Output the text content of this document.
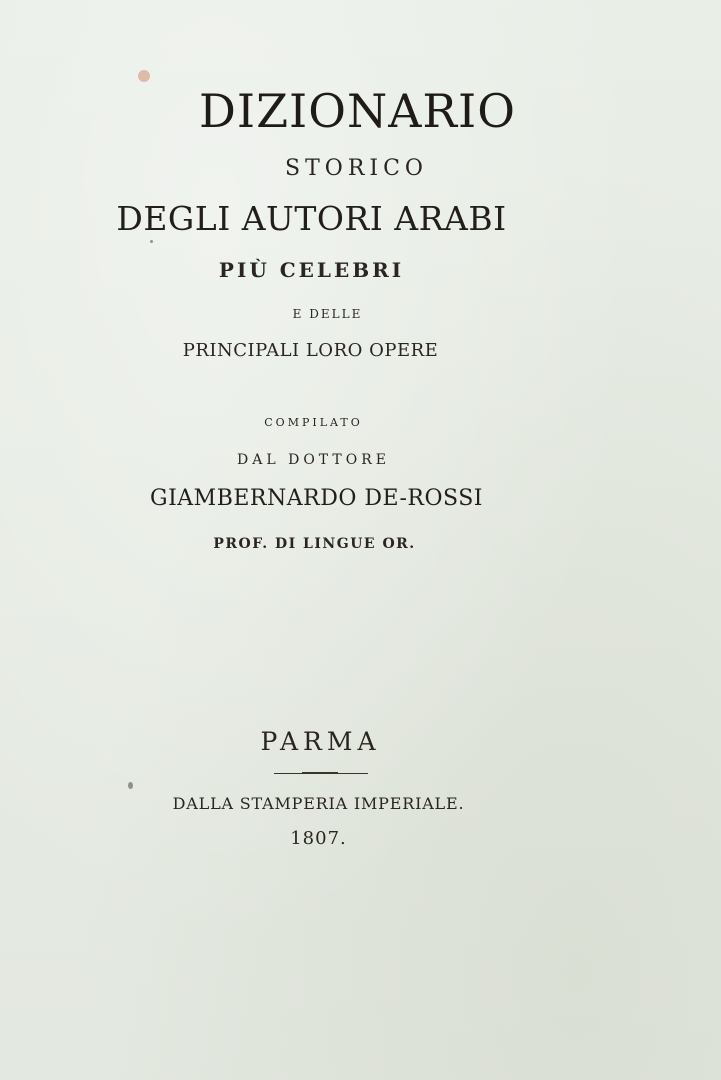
DIZIONARIO
STORICO
DEGLI AUTORI ARABI
PIÙ CELEBRI
E DELLE
PRINCIPALI LORO OPERE
COMPILATO
DAL DOTTORE
GIAMBERNARDO DE-ROSSI
PROF. DI LINGUE OR.
PARMA
DALLA STAMPERIA IMPERIALE.
1807.
